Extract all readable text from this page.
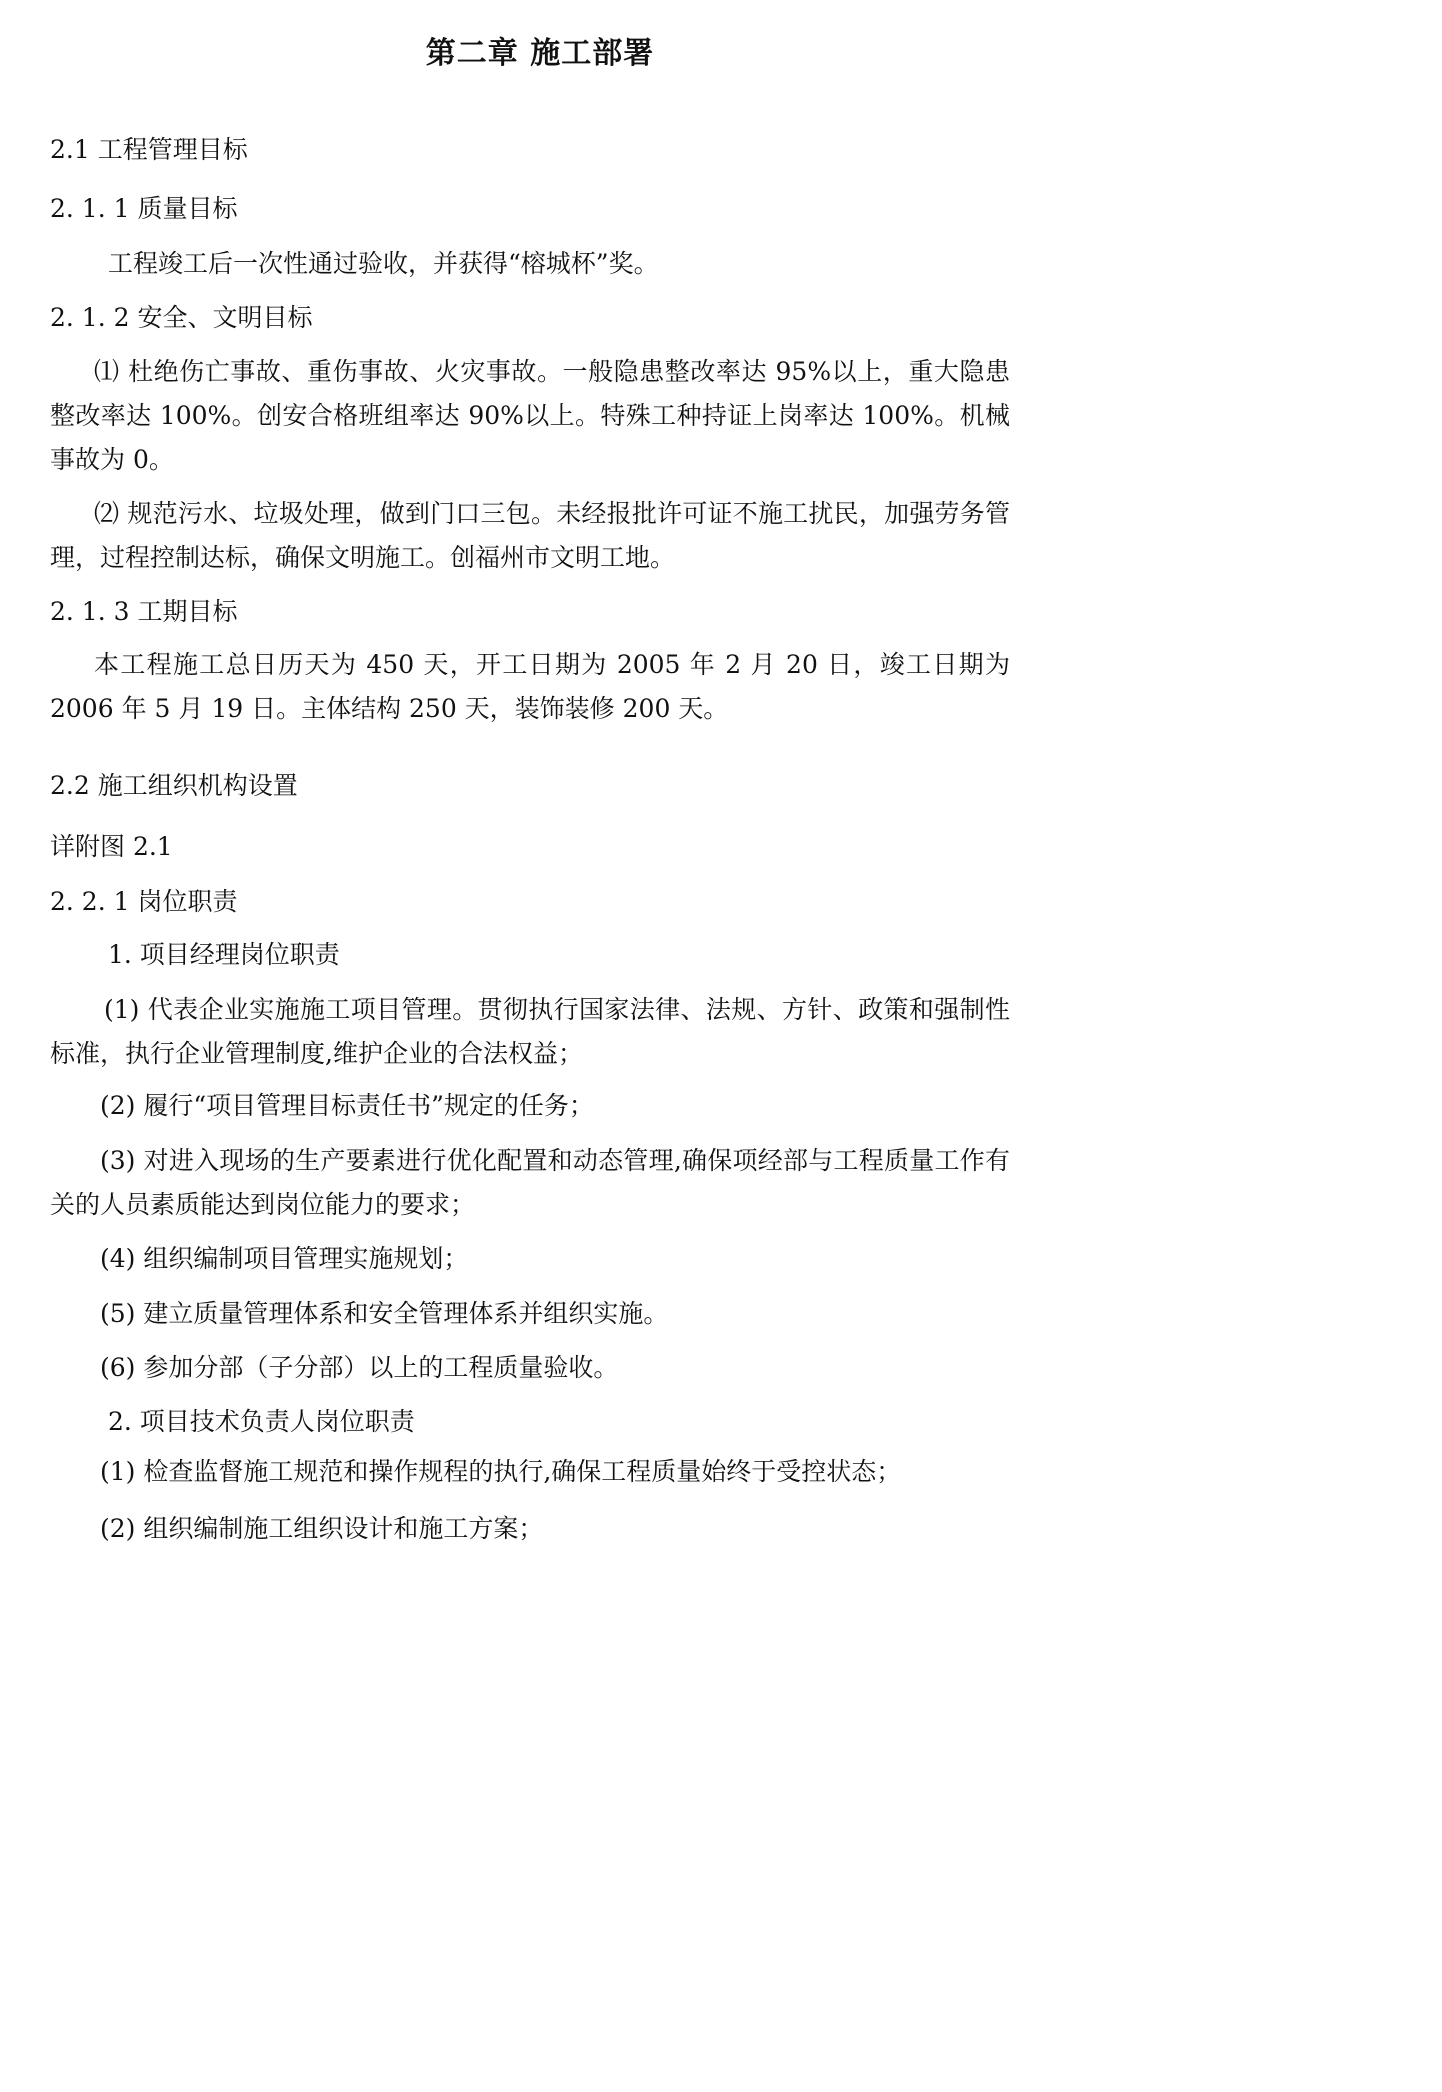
第二章 施工部署
2.1 工程管理目标
2. 1. 1 质量目标
工程竣工后一次性通过验收，并获得“榕城杯”奖。
2. 1. 2 安全、文明目标
⑴ 杜绝伤亡事故、重伤事故、火灾事故。一般隐患整改率达 95%以上，重大隐患整改率达 100%。创安合格班组率达 90%以上。特殊工种持证上岗率达 100%。机械事故为 0。
⑵ 规范污水、垃圾处理，做到门口三包。未经报批许可证不施工扰民，加强劳务管理，过程控制达标，确保文明施工。创福州市文明工地。
2. 1. 3 工期目标
本工程施工总日历天为 450 天，开工日期为 2005 年 2 月 20 日，竣工日期为 2006 年 5 月 19 日。主体结构 250 天，装饰装修 200 天。
2.2 施工组织机构设置
详附图 2.1
2. 2. 1 岗位职责
1. 项目经理岗位职责
(1) 代表企业实施施工项目管理。贯彻执行国家法律、法规、方针、政策和强制性标准，执行企业管理制度,维护企业的合法权益；
(2) 履行“项目管理目标责任书”规定的任务；
(3) 对进入现场的生产要素进行优化配置和动态管理,确保项经部与工程质量工作有关的人员素质能达到岗位能力的要求；
(4) 组织编制项目管理实施规划；
(5) 建立质量管理体系和安全管理体系并组织实施。
(6) 参加分部（子分部）以上的工程质量验收。
2. 项目技术负责人岗位职责
(1) 检查监督施工规范和操作规程的执行,确保工程质量始终于受控状态；
(2) 组织编制施工组织设计和施工方案；
